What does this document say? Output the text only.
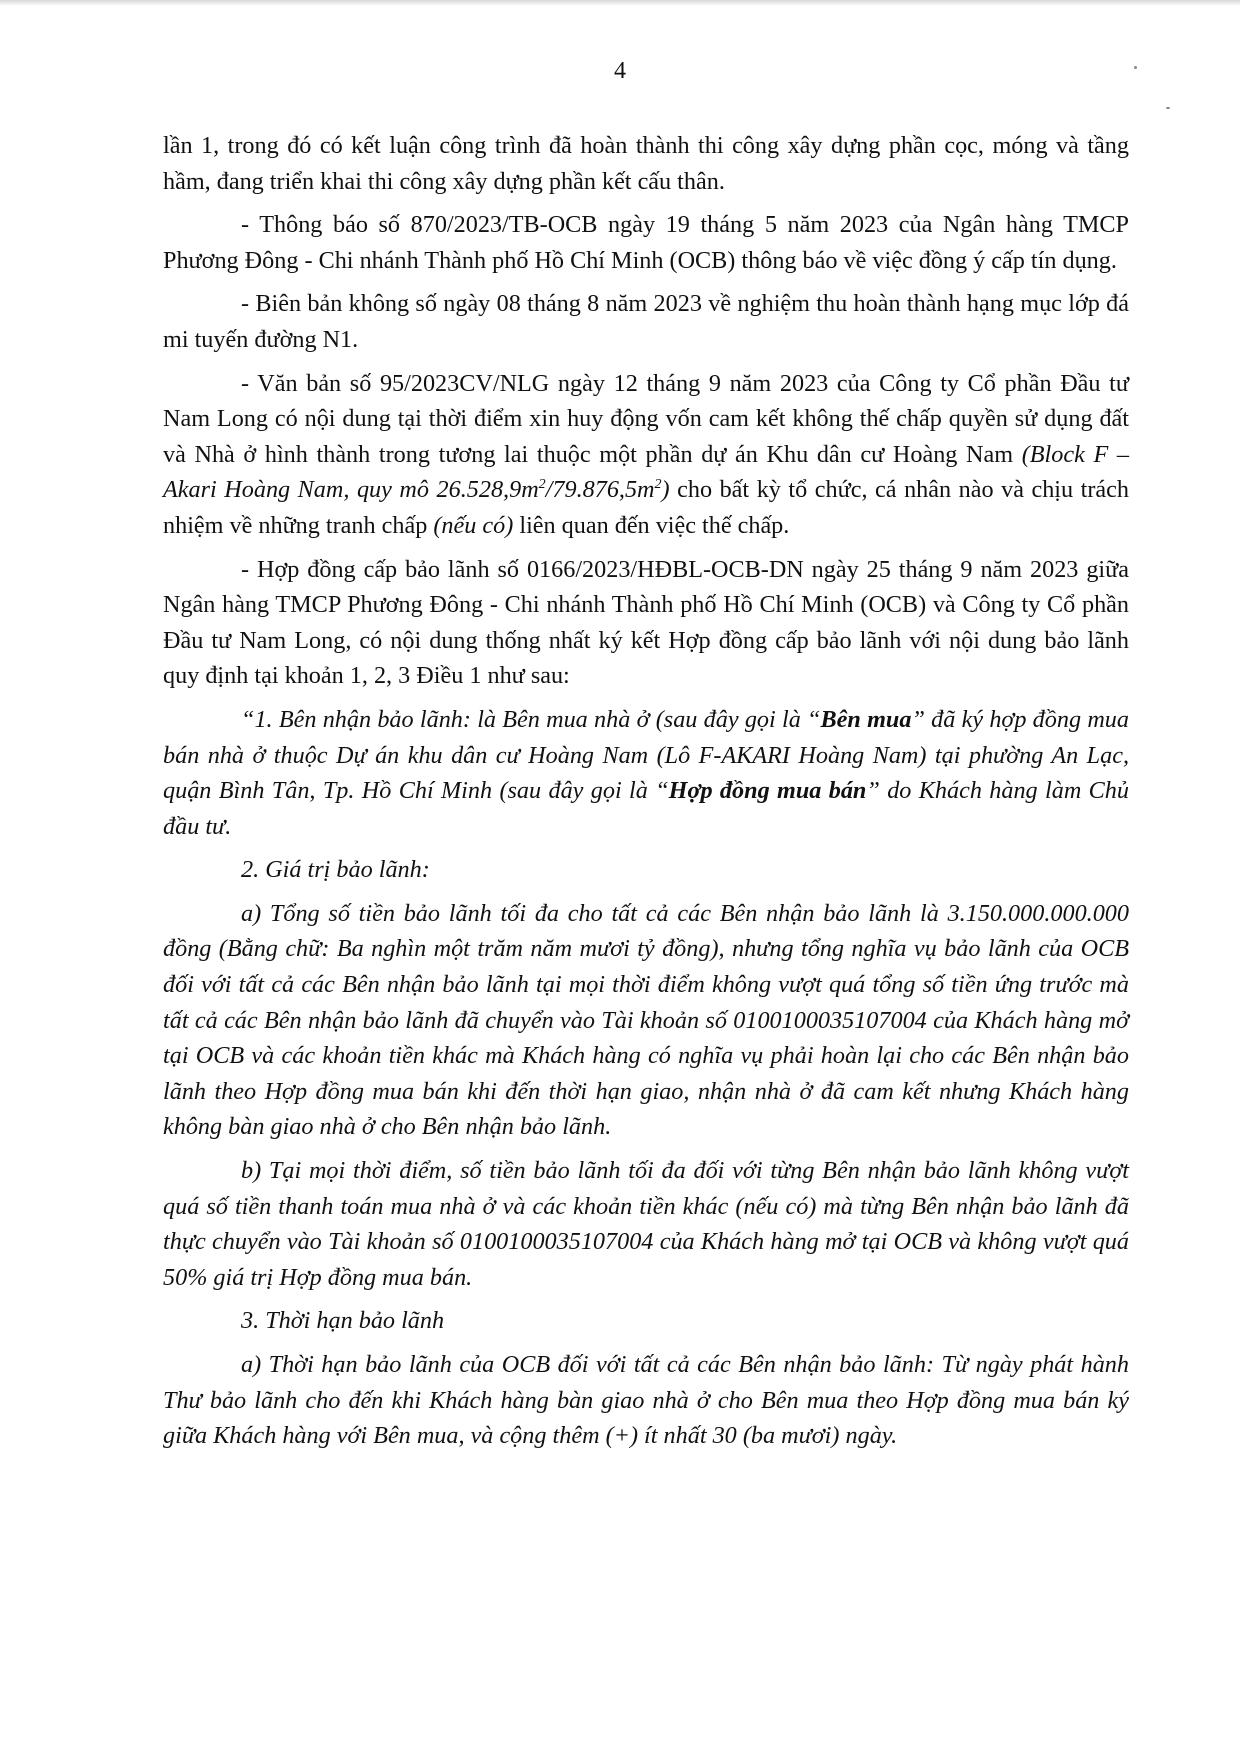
4

lần 1, trong đó có kết luận công trình đã hoàn thành thi công xây dựng phần cọc, móng và tầng hầm, đang triển khai thi công xây dựng phần kết cấu thân.

- Thông báo số 870/2023/TB-OCB ngày 19 tháng 5 năm 2023 của Ngân hàng TMCP Phương Đông - Chi nhánh Thành phố Hồ Chí Minh (OCB) thông báo về việc đồng ý cấp tín dụng.

- Biên bản không số ngày 08 tháng 8 năm 2023 về nghiệm thu hoàn thành hạng mục lớp đá mi tuyến đường N1.

- Văn bản số 95/2023CV/NLG ngày 12 tháng 9 năm 2023 của Công ty Cổ phần Đầu tư Nam Long có nội dung tại thời điểm xin huy động vốn cam kết không thế chấp quyền sử dụng đất và Nhà ở hình thành trong tương lai thuộc một phần dự án Khu dân cư Hoàng Nam (Block F – Akari Hoàng Nam, quy mô $26.528,9m^2/79.876,5m^2$) cho bất kỳ tổ chức, cá nhân nào và chịu trách nhiệm về những tranh chấp (nếu có) liên quan đến việc thế chấp.

- Hợp đồng cấp bảo lãnh số 0166/2023/HĐBL-OCB-DN ngày 25 tháng 9 năm 2023 giữa Ngân hàng TMCP Phương Đông - Chi nhánh Thành phố Hồ Chí Minh (OCB) và Công ty Cổ phần Đầu tư Nam Long, có nội dung thống nhất ký kết Hợp đồng cấp bảo lãnh với nội dung bảo lãnh quy định tại khoản 1, 2, 3 Điều 1 như sau:

“1. Bên nhận bảo lãnh: là Bên mua nhà ở (sau đây gọi là “Bên mua” đã ký hợp đồng mua bán nhà ở thuộc Dự án khu dân cư Hoàng Nam (Lô F-AKARI Hoàng Nam) tại phường An Lạc, quận Bình Tân, Tp. Hồ Chí Minh (sau đây gọi là “Hợp đồng mua bán” do Khách hàng làm Chủ đầu tư.

2. Giá trị bảo lãnh:

a) Tổng số tiền bảo lãnh tối đa cho tất cả các Bên nhận bảo lãnh là 3.150.000.000.000 đồng (Bằng chữ: Ba nghìn một trăm năm mươi tỷ đồng), nhưng tổng nghĩa vụ bảo lãnh của OCB đối với tất cả các Bên nhận bảo lãnh tại mọi thời điểm không vượt quá tổng số tiền ứng trước mà tất cả các Bên nhận bảo lãnh đã chuyển vào Tài khoản số 0100100035107004 của Khách hàng mở tại OCB và các khoản tiền khác mà Khách hàng có nghĩa vụ phải hoàn lại cho các Bên nhận bảo lãnh theo Hợp đồng mua bán khi đến thời hạn giao, nhận nhà ở đã cam kết nhưng Khách hàng không bàn giao nhà ở cho Bên nhận bảo lãnh.

b) Tại mọi thời điểm, số tiền bảo lãnh tối đa đối với từng Bên nhận bảo lãnh không vượt quá số tiền thanh toán mua nhà ở và các khoản tiền khác (nếu có) mà từng Bên nhận bảo lãnh đã thực chuyển vào Tài khoản số 0100100035107004 của Khách hàng mở tại OCB và không vượt quá 50% giá trị Hợp đồng mua bán.

3. Thời hạn bảo lãnh

a) Thời hạn bảo lãnh của OCB đối với tất cả các Bên nhận bảo lãnh: Từ ngày phát hành Thư bảo lãnh cho đến khi Khách hàng bàn giao nhà ở cho Bên mua theo Hợp đồng mua bán ký giữa Khách hàng với Bên mua, và cộng thêm (+) ít nhất 30 (ba mươi) ngày.
